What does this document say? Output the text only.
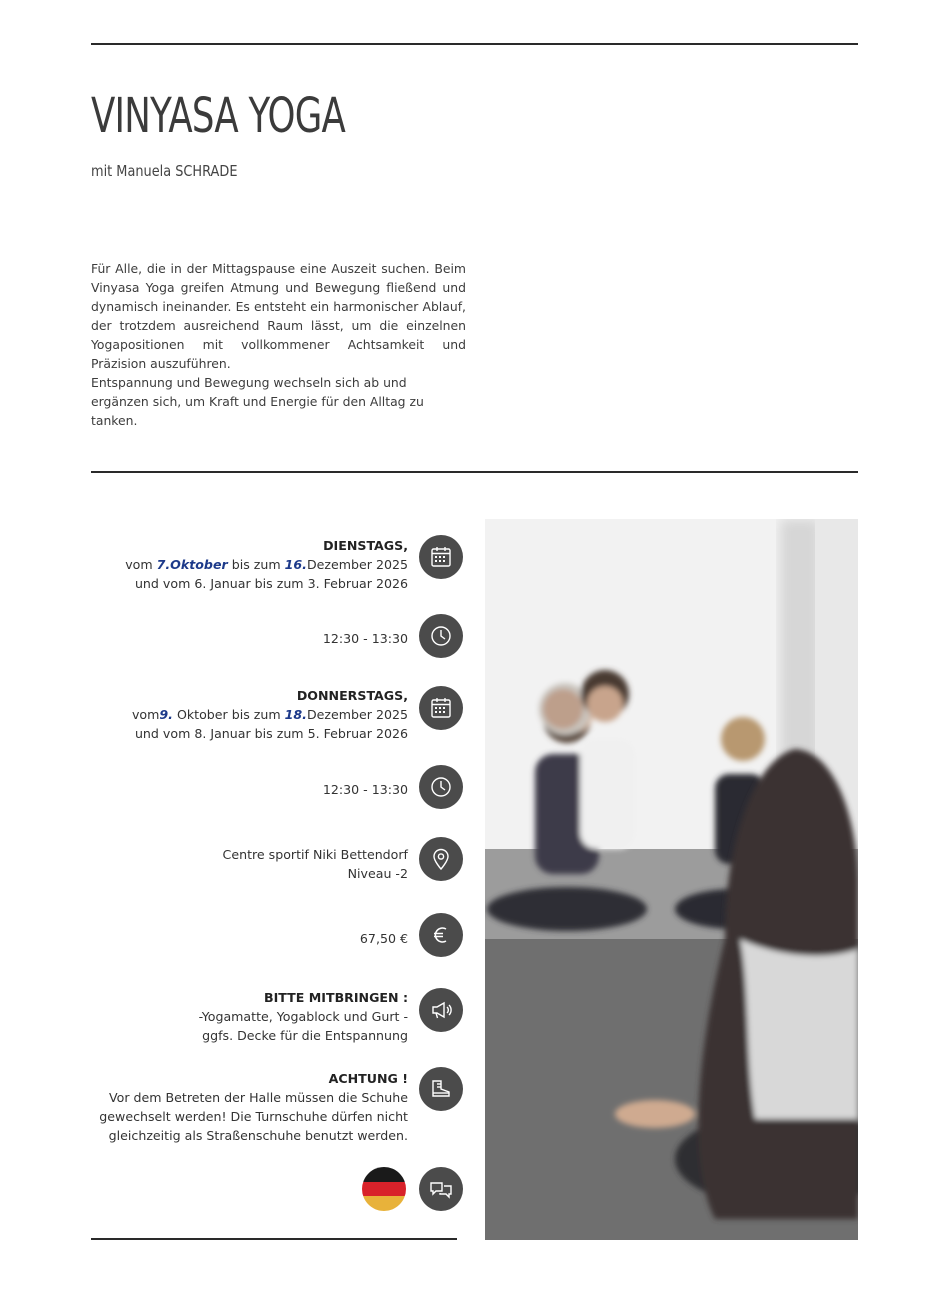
VINYASA YOGA
mit Manuela SCHRADE

Für Alle, die in der Mittagspause eine Auszeit suchen. Beim Vinyasa Yoga greifen Atmung und Bewegung fließend und dynamisch ineinander. Es entsteht ein harmonischer Ablauf, der trotzdem ausreichend Raum lässt, um die einzelnen Yogapositionen mit vollkommener Achtsamkeit und Präzision auszuführen.

Entspannung und Bewegung wechseln sich ab und ergänzen sich, um Kraft und Energie für den Alltag zu tanken.

DIENSTAGS,
vom 7.Oktober bis zum 16.Dezember 2025
und vom 6. Januar bis zum 3. Februar 2026
12:30 - 13:30
DONNERSTAGS,
vom9. Oktober bis zum 18.Dezember 2025
und vom 8. Januar bis zum 5. Februar 2026
12:30 - 13:30
Centre sportif Niki Bettendorf
Niveau -2
67,50 €
BITTE MITBRINGEN :
-Yogamatte, Yogablock und Gurt -
ggfs. Decke für die Entspannung
ACHTUNG !
Vor dem Betreten der Halle müssen die Schuhe
gewechselt werden! Die Turnschuhe dürfen nicht
gleichzeitig als Straßenschuhe benutzt werden.
